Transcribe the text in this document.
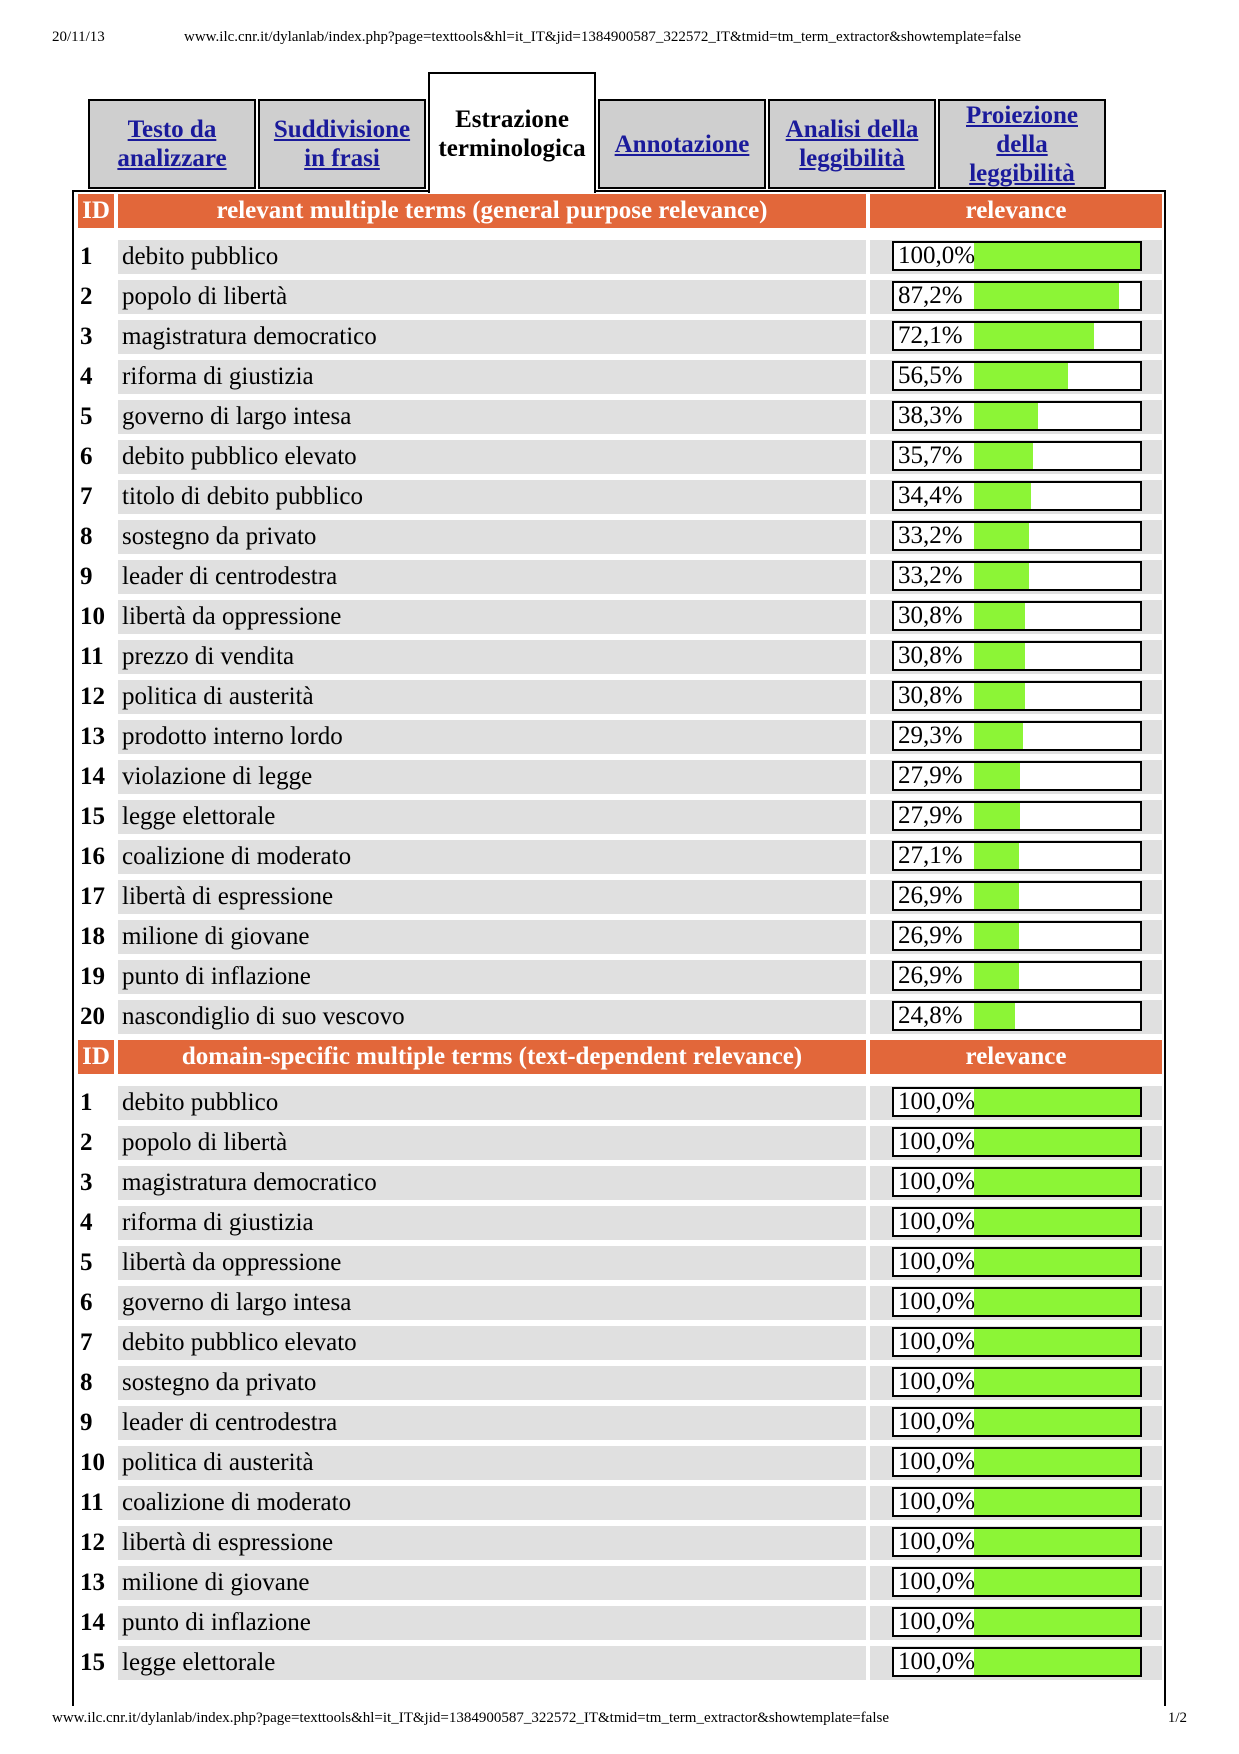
20/11/13	www.ilc.cnr.it/dylanlab/index.php?page=texttools&hl=it_IT&jid=1384900587_322572_IT&tmid=tm_term_extractor&showtemplate=false
Testo da
analizzare
Suddivisione
in frasi
Estrazione
terminologica Annotazione
Analisi della
leggibilità
Proiezione
della
leggibilità
ID	relevant multiple terms (general purpose relevance)	relevance
1	debito pubblico	100,0%
2	popolo di libertà	87,2%
3	magistratura democratico	72,1%
4	riforma di giustizia	56,5%
5	governo di largo intesa	38,3%
6	debito pubblico elevato	35,7%
7	titolo di debito pubblico	34,4%
8	sostegno da privato	33,2%
9	leader di centrodestra	33,2%
10 libertà da oppressione	30,8%
11 prezzo di vendita	30,8%
12 politica di austerità	30,8%
13 prodotto interno lordo	29,3%
14 violazione di legge	27,9%
15 legge elettorale	27,9%
16 coalizione di moderato	27,1%
17 libertà di espressione	26,9%
18 milione di giovane	26,9%
19 punto di inflazione	26,9%
20 nascondiglio di suo vescovo	24,8%
ID	domain-specific multiple terms (text-dependent relevance)	relevance
1	debito pubblico	100,0%
2	popolo di libertà	100,0%
3	magistratura democratico	100,0%
4	riforma di giustizia	100,0%
5	libertà da oppressione	100,0%
6	governo di largo intesa	100,0%
7	debito pubblico elevato	100,0%
8	sostegno da privato	100,0%
9	leader di centrodestra	100,0%
10 politica di austerità	100,0%
11 coalizione di moderato	100,0%
12 libertà di espressione	100,0%
13 milione di giovane	100,0%
14 punto di inflazione	100,0%
15 legge elettorale	100,0%
www.ilc.cnr.it/dylanlab/index.php?page=texttools&hl=it_IT&jid=1384900587_322572_IT&tmid=tm_term_extractor&showtemplate=false	1/2
